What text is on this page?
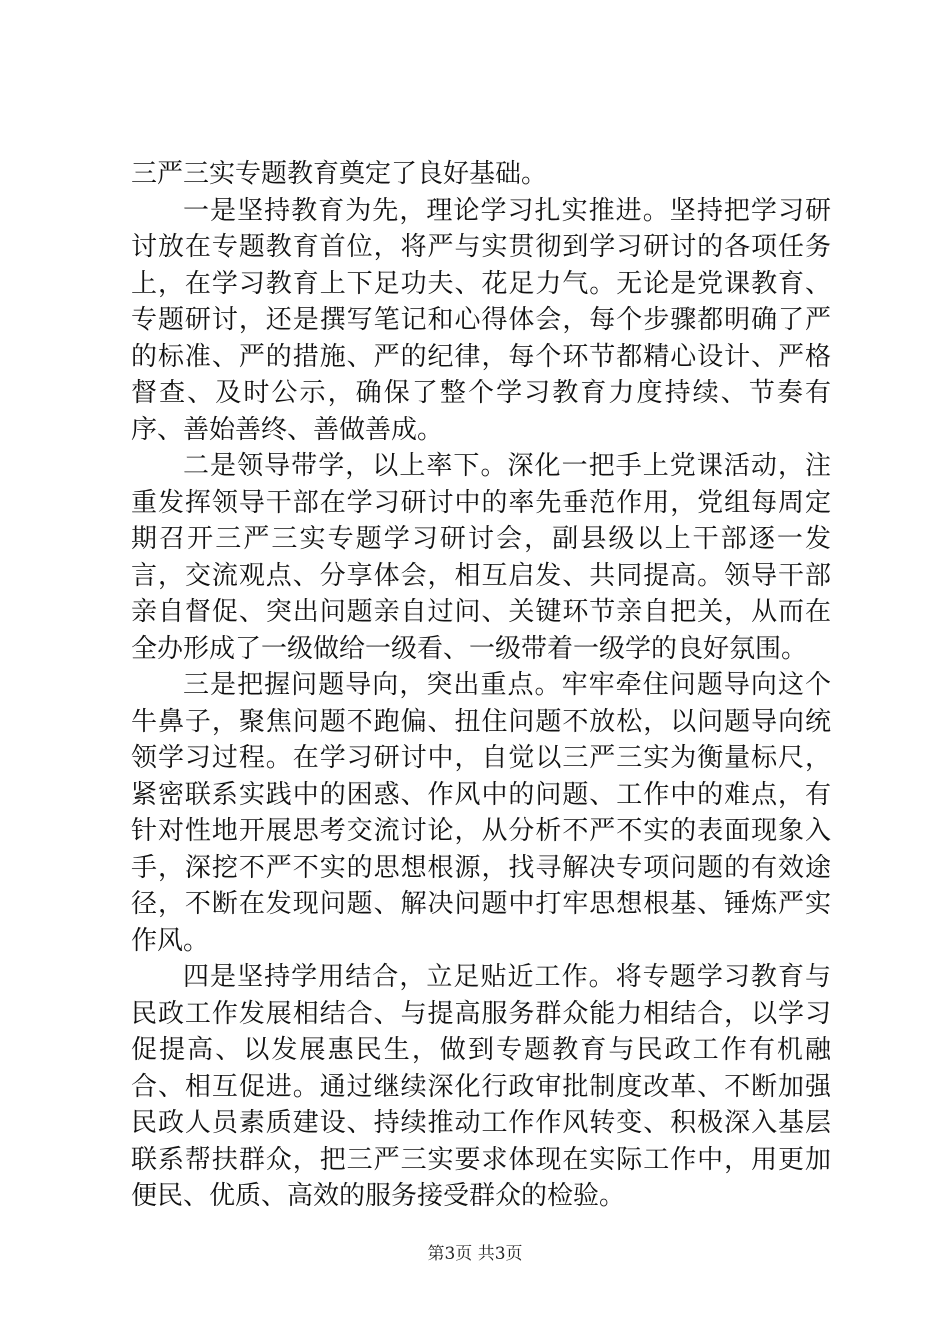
三严三实专题教育奠定了良好基础。

一是坚持教育为先，理论学习扎实推进。坚持把学习研讨放在专题教育首位，将严与实贯彻到学习研讨的各项任务上，在学习教育上下足功夫、花足力气。无论是党课教育、专题研讨，还是撰写笔记和心得体会，每个步骤都明确了严的标准、严的措施、严的纪律，每个环节都精心设计、严格督查、及时公示，确保了整个学习教育力度持续、节奏有序、善始善终、善做善成。

二是领导带学，以上率下。深化一把手上党课活动，注重发挥领导干部在学习研讨中的率先垂范作用，党组每周定期召开三严三实专题学习研讨会，副县级以上干部逐一发言，交流观点、分享体会，相互启发、共同提高。领导干部亲自督促、突出问题亲自过问、关键环节亲自把关，从而在全办形成了一级做给一级看、一级带着一级学的良好氛围。

三是把握问题导向，突出重点。牢牢牵住问题导向这个牛鼻子，聚焦问题不跑偏、扭住问题不放松，以问题导向统领学习过程。在学习研讨中，自觉以三严三实为衡量标尺，紧密联系实践中的困惑、作风中的问题、工作中的难点，有针对性地开展思考交流讨论，从分析不严不实的表面现象入手，深挖不严不实的思想根源，找寻解决专项问题的有效途径，不断在发现问题、解决问题中打牢思想根基、锤炼严实作风。

四是坚持学用结合，立足贴近工作。将专题学习教育与民政工作发展相结合、与提高服务群众能力相结合，以学习促提高、以发展惠民生，做到专题教育与民政工作有机融合、相互促进。通过继续深化行政审批制度改革、不断加强民政人员素质建设、持续推动工作作风转变、积极深入基层联系帮扶群众，把三严三实要求体现在实际工作中，用更加便民、优质、高效的服务接受群众的检验。

第3页 共3页
